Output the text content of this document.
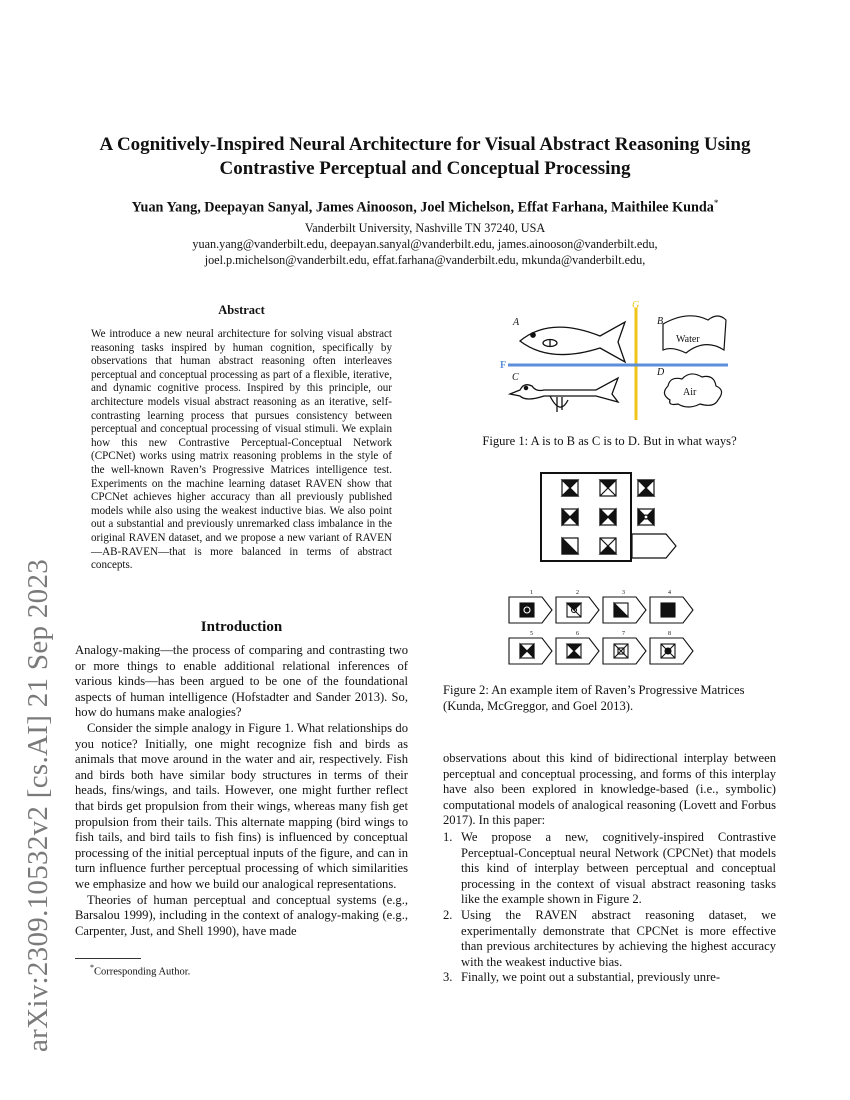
arXiv:2309.10532v2 [cs.AI] 21 Sep 2023
A Cognitively-Inspired Neural Architecture for Visual Abstract Reasoning Using
Contrastive Perceptual and Conceptual Processing
Yuan Yang, Deepayan Sanyal, James Ainooson, Joel Michelson, Effat Farhana, Maithilee Kunda*
Vanderbilt University, Nashville TN 37240, USA
yuan.yang@vanderbilt.edu, deepayan.sanyal@vanderbilt.edu, james.ainooson@vanderbilt.edu,
joel.p.michelson@vanderbilt.edu, effat.farhana@vanderbilt.edu, mkunda@vanderbilt.edu,
Abstract
We introduce a new neural architecture for solving visual abstract reasoning tasks inspired by human cognition, specifically by observations that human abstract reasoning often interleaves perceptual and conceptual processing as part of a flexible, iterative, and dynamic cognitive process. Inspired by this principle, our architecture models visual abstract reasoning as an iterative, self-contrasting learning process that pursues consistency between perceptual and conceptual processing of visual stimuli. We explain how this new Contrastive Perceptual-Conceptual Network (CPCNet) works using matrix reasoning problems in the style of the well-known Raven’s Progressive Matrices intelligence test. Experiments on the machine learning dataset RAVEN show that CPCNet achieves higher accuracy than all previously published models while also using the weakest inductive bias. We also point out a substantial and previously unremarked class imbalance in the original RAVEN dataset, and we propose a new variant of RAVEN—AB-RAVEN—that is more balanced in terms of abstract concepts.
Introduction

Analogy-making—the process of comparing and contrasting two or more things to enable additional relational inferences of various kinds—has been argued to be one of the foundational aspects of human intelligence (Hofstadter and Sander 2013). So, how do humans make analogies?

Consider the simple analogy in Figure 1. What relationships do you notice? Initially, one might recognize fish and birds as animals that move around in the water and air, respectively. Fish and birds both have similar body structures in terms of their heads, fins/wings, and tails. However, one might further reflect that birds get propulsion from their wings, whereas many fish get propulsion from their tails. This alternate mapping (bird wings to fish tails, and bird tails to fish fins) is influenced by conceptual processing of the initial perceptual inputs of the figure, and can in turn influence further perceptual processing of which similarities we emphasize and how we build our analogical representations.

Theories of human perceptual and conceptual systems (e.g., Barsalou 1999), including in the context of analogy-making (e.g., Carpenter, Just, and Shell 1990), have made

*Corresponding Author.
G
F
A	B
Water
C	D
Air
Figure 1: A is to B as C is to D. But in what ways?
1	2	3	4
5	6	7	8
Figure 2: An example item of Raven’s Progressive Matrices (Kunda, McGreggor, and Goel 2013).

observations about this kind of bidirectional interplay between perceptual and conceptual processing, and forms of this interplay have also been explored in knowledge-based (i.e., symbolic) computational models of analogical reasoning (Lovett and Forbus 2017). In this paper:

1. We propose a new, cognitively-inspired Contrastive Perceptual-Conceptual neural Network (CPCNet) that models this kind of interplay between perceptual and conceptual processing in the context of visual abstract reasoning tasks like the example shown in Figure 2.
2. Using the RAVEN abstract reasoning dataset, we experimentally demonstrate that CPCNet is more effective than previous architectures by achieving the highest accuracy with the weakest inductive bias.
3. Finally, we point out a substantial, previously unre-
